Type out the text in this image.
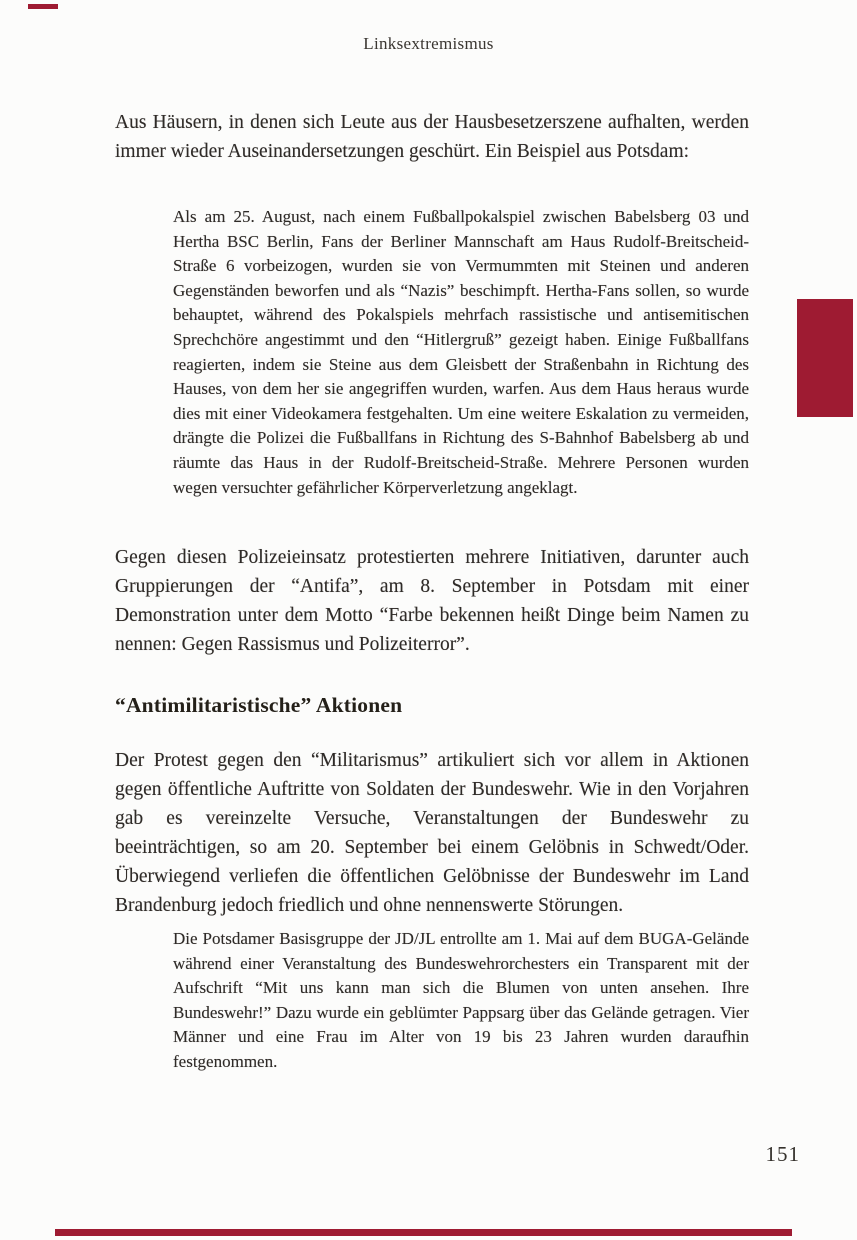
Linksextremismus

Aus Häusern, in denen sich Leute aus der Hausbesetzerszene aufhalten, werden immer wieder Auseinandersetzungen geschürt. Ein Beispiel aus Potsdam:

Als am 25. August, nach einem Fußballpokalspiel zwischen Babelsberg 03 und Hertha BSC Berlin, Fans der Berliner Mannschaft am Haus Rudolf-Breitscheid-Straße 6 vorbeizogen, wurden sie von Vermummten mit Steinen und anderen Gegenständen beworfen und als “Nazis” beschimpft. Hertha-Fans sollen, so wurde behauptet, während des Pokalspiels mehrfach rassistische und antisemitischen Sprechchöre angestimmt und den “Hitlergruß” gezeigt haben. Einige Fußballfans reagierten, indem sie Steine aus dem Gleisbett der Straßenbahn in Richtung des Hauses, von dem her sie angegriffen wurden, warfen. Aus dem Haus heraus wurde dies mit einer Videokamera festgehalten. Um eine weitere Eskalation zu vermeiden, drängte die Polizei die Fußballfans in Richtung des S-Bahnhof Babelsberg ab und räumte das Haus in der Rudolf-Breitscheid-Straße. Mehrere Personen wurden wegen versuchter gefährlicher Körperverletzung angeklagt.

Gegen diesen Polizeieinsatz protestierten mehrere Initiativen, darunter auch Gruppierungen der “Antifa”, am 8. September in Potsdam mit einer Demonstration unter dem Motto “Farbe bekennen heißt Dinge beim Namen zu nennen: Gegen Rassismus und Polizeiterror”.

“Antimilitaristische” Aktionen

Der Protest gegen den “Militarismus” artikuliert sich vor allem in Aktionen gegen öffentliche Auftritte von Soldaten der Bundeswehr. Wie in den Vorjahren gab es vereinzelte Versuche, Veranstaltungen der Bundeswehr zu beeinträchtigen, so am 20. September bei einem Gelöbnis in Schwedt/Oder. Überwiegend verliefen die öffentlichen Gelöbnisse der Bundeswehr im Land Brandenburg jedoch friedlich und ohne nennenswerte Störungen.

Die Potsdamer Basisgruppe der JD/JL entrollte am 1. Mai auf dem BUGA-Gelände während einer Veranstaltung des Bundeswehrorchesters ein Transparent mit der Aufschrift “Mit uns kann man sich die Blumen von unten ansehen. Ihre Bundeswehr!” Dazu wurde ein geblümter Pappsarg über das Gelände getragen. Vier Männer und eine Frau im Alter von 19 bis 23 Jahren wurden daraufhin festgenommen.

151
